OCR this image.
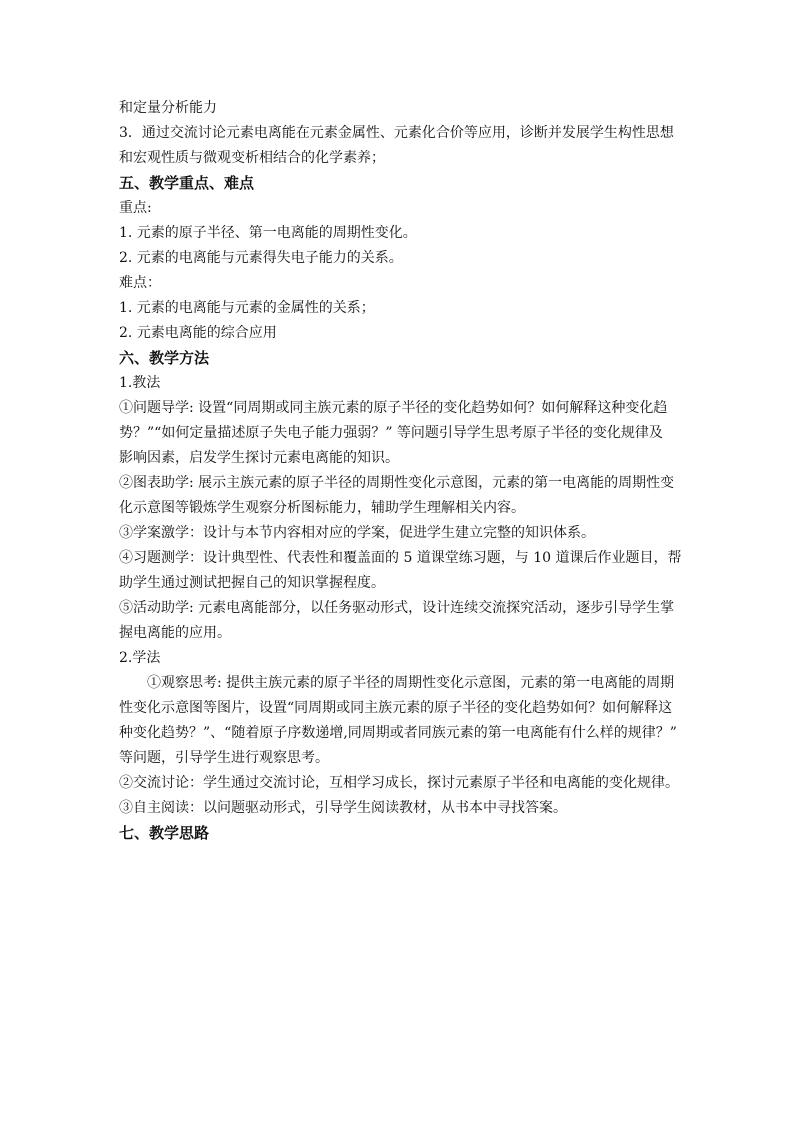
和定量分析能力

3．通过交流讨论元素电离能在元素金属性、元素化合价等应用，诊断并发展学生构性思想

和宏观性质与微观变析相结合的化学素养；

五、教学重点、难点

重点:

1. 元素的原子半径、第一电离能的周期性变化。

2. 元素的电离能与元素得失电子能力的关系。

难点：

1. 元素的电离能与元素的金属性的关系；

2. 元素电离能的综合应用

六、教学方法

1.教法

①问题导学: 设置“同周期或同主族元素的原子半径的变化趋势如何？如何解释这种变化趋

势？”“如何定量描述原子失电子能力强弱？” 等问题引导学生思考原子半径的变化规律及

影响因素，启发学生探讨元素电离能的知识。

②图表助学: 展示主族元素的原子半径的周期性变化示意图，元素的第一电离能的周期性变

化示意图等锻炼学生观察分析图标能力，辅助学生理解相关内容。

③学案激学：设计与本节内容相对应的学案，促进学生建立完整的知识体系。

④习题测学：设计典型性、代表性和覆盖面的 5 道课堂练习题，与 10 道课后作业题目，帮

助学生通过测试把握自己的知识掌握程度。

⑤活动助学: 元素电离能部分，以任务驱动形式，设计连续交流探究活动，逐步引导学生掌

握电离能的应用。

2.学法

①观察思考: 提供主族元素的原子半径的周期性变化示意图，元素的第一电离能的周期

性变化示意图等图片，设置“同周期或同主族元素的原子半径的变化趋势如何？如何解释这

种变化趋势？”、“随着原子序数递增,同周期或者同族元素的第一电离能有什么样的规律？”

等问题，引导学生进行观察思考。

②交流讨论：学生通过交流讨论，互相学习成长，探讨元素原子半径和电离能的变化规律。

③自主阅读：以问题驱动形式，引导学生阅读教材，从书本中寻找答案。

七、教学思路
